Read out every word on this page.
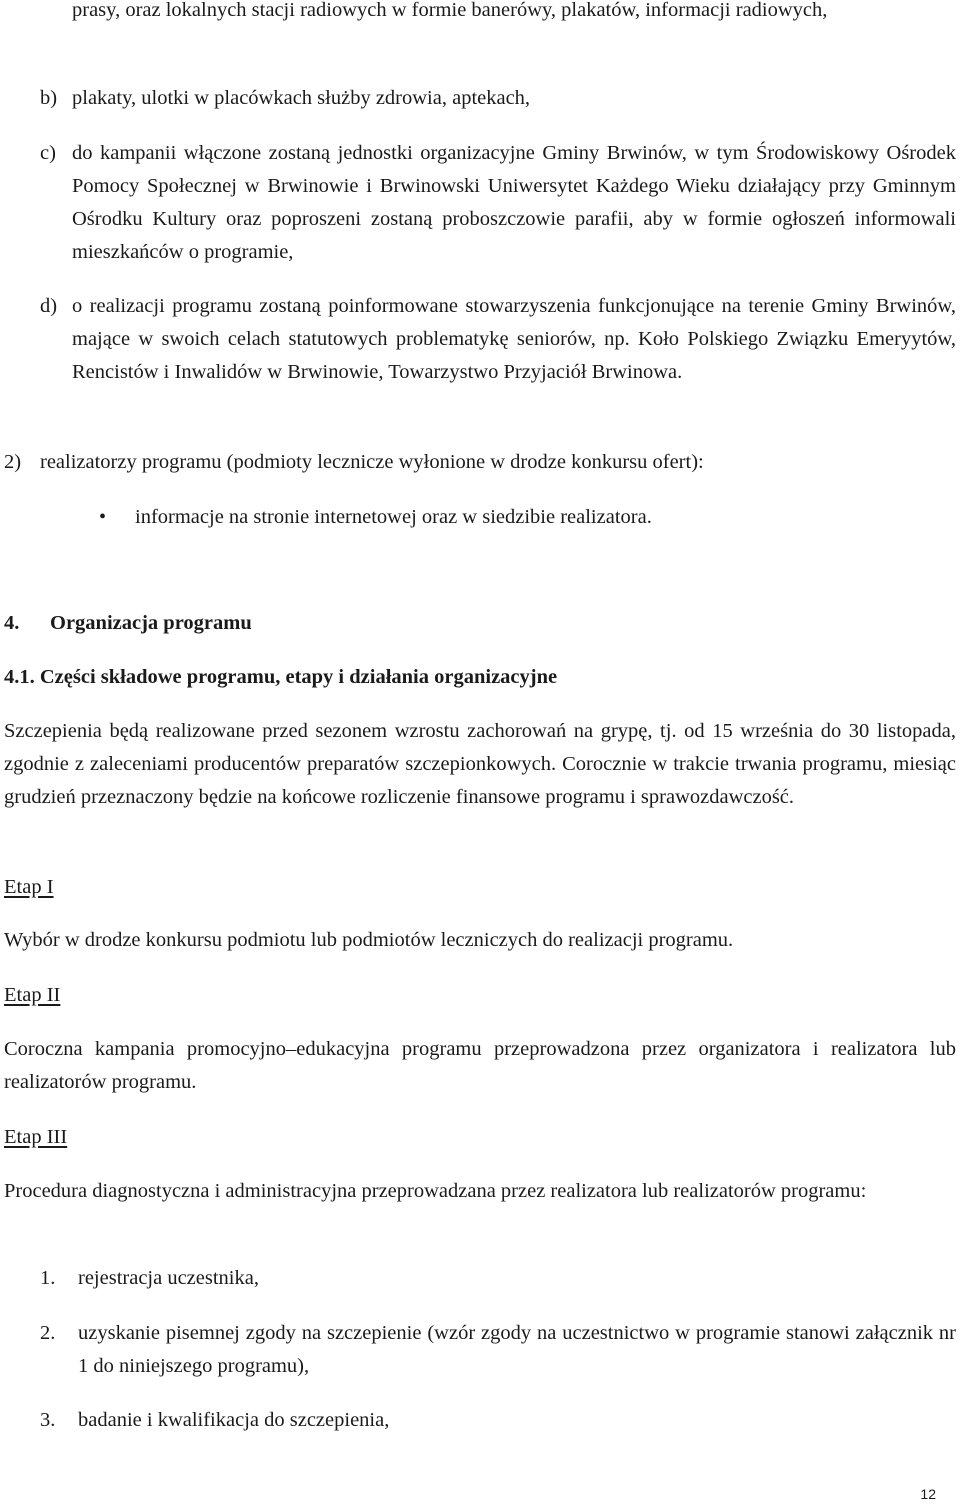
prasy, oraz lokalnych stacji radiowych w formie banerówy, plakatów, informacji radiowych,
b) plakaty, ulotki w placówkach służby zdrowia, aptekach,
c) do kampanii włączone zostaną jednostki organizacyjne Gminy Brwinów, w tym Środowiskowy Ośrodek Pomocy Społecznej w Brwinowie i Brwinowski Uniwersytet Każdego Wieku działający przy Gminnym Ośrodku Kultury oraz poproszeni zostaną proboszczowie parafii, aby w formie ogłoszeń informowali mieszkańców o programie,
d) o realizacji programu zostaną poinformowane stowarzyszenia funkcjonujące na terenie Gminy Brwinów, mające w swoich celach statutowych problematykę seniorów, np. Koło Polskiego Związku Emeryytów, Rencistów i Inwalidów w Brwinowie, Towarzystwo Przyjaciół Brwinowa.
2) realizatorzy programu (podmioty lecznicze wyłonione w drodze konkursu ofert):
• informacje na stronie internetowej oraz w siedzibie realizatora.
4. Organizacja programu
4.1. Części składowe programu, etapy i działania organizacyjne
Szczepienia będą realizowane przed sezonem wzrostu zachorowań na grypę, tj. od 15 września do 30 listopada, zgodnie z zaleceniami producentów preparatów szczepionkowych. Corocznie w trakcie trwania programu, miesiąc grudzień przeznaczony będzie na końcowe rozliczenie finansowe programu i sprawozdawczość.
Etap I
Wybór w drodze konkursu podmiotu lub podmiotów leczniczych do realizacji programu.
Etap II
Coroczna kampania promocyjno–edukacyjna programu przeprowadzona przez organizatora i realizatora lub realizatorów programu.
Etap III
Procedura diagnostyczna i administracyjna przeprowadzana przez realizatora lub realizatorów programu:
1. rejestracja uczestnika,
2. uzyskanie pisemnej zgody na szczepienie (wzór zgody na uczestnictwo w programie stanowi załącznik nr 1 do niniejszego programu),
3. badanie i kwalifikacja do szczepienia,
12
